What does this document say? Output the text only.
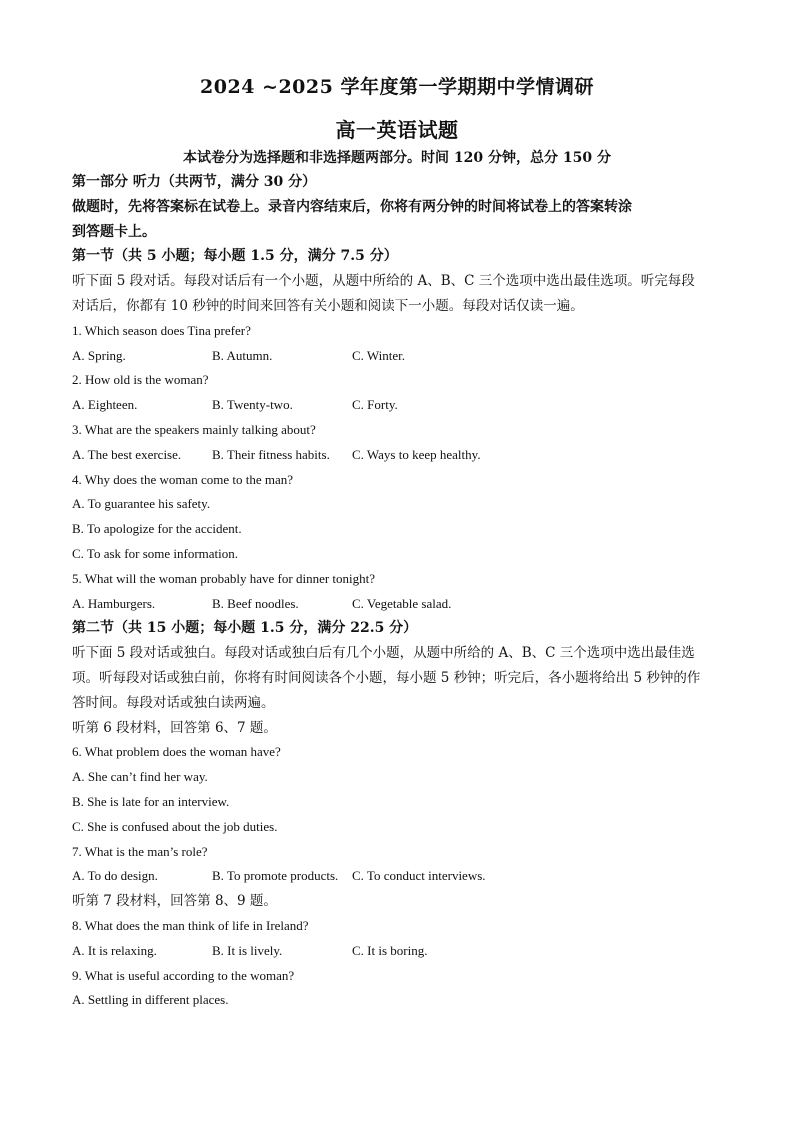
2024 ~2025 学年度第一学期期中学情调研
高一英语试题
本试卷分为选择题和非选择题两部分。时间 120 分钟，总分 150 分
第一部分 听力（共两节，满分 30 分）
做题时，先将答案标在试卷上。录音内容结束后，你将有两分钟的时间将试卷上的答案转涂
到答题卡上。
第一节（共 5 小题；每小题 1.5 分，满分 7.5 分）
听下面 5 段对话。每段对话后有一个小题，从题中所给的 A、B、C 三个选项中选出最佳选项。听完每段
对话后，你都有 10 秒钟的时间来回答有关小题和阅读下一小题。每段对话仅读一遍。
1. Which season does Tina prefer?
A. Spring.	B. Autumn.	C. Winter.
2. How old is the woman?
A. Eighteen.	B. Twenty-two.	C. Forty.
3. What are the speakers mainly talking about?
A. The best exercise.	B. Their fitness habits.	C. Ways to keep healthy.
4. Why does the woman come to the man?
A. To guarantee his safety.
B. To apologize for the accident.
C. To ask for some information.
5. What will the woman probably have for dinner tonight?
A. Hamburgers.	B. Beef noodles.	C. Vegetable salad.
第二节（共 15 小题；每小题 1.5 分，满分 22.5 分）
听下面 5 段对话或独白。每段对话或独白后有几个小题，从题中所给的 A、B、C 三个选项中选出最佳选
项。听每段对话或独白前，你将有时间阅读各个小题，每小题 5 秒钟；听完后，各小题将给出 5 秒钟的作
答时间。每段对话或独白读两遍。
听第 6 段材料，回答第 6、7 题。
6. What problem does the woman have?
A. She can’t find her way.
B. She is late for an interview.
C. She is confused about the job duties.
7. What is the man’s role?
A. To do design.	B. To promote products.	C. To conduct interviews.
听第 7 段材料，回答第 8、9 题。
8. What does the man think of life in Ireland?
A. It is relaxing.	B. It is lively.	C. It is boring.
9. What is useful according to the woman?
A. Settling in different places.
